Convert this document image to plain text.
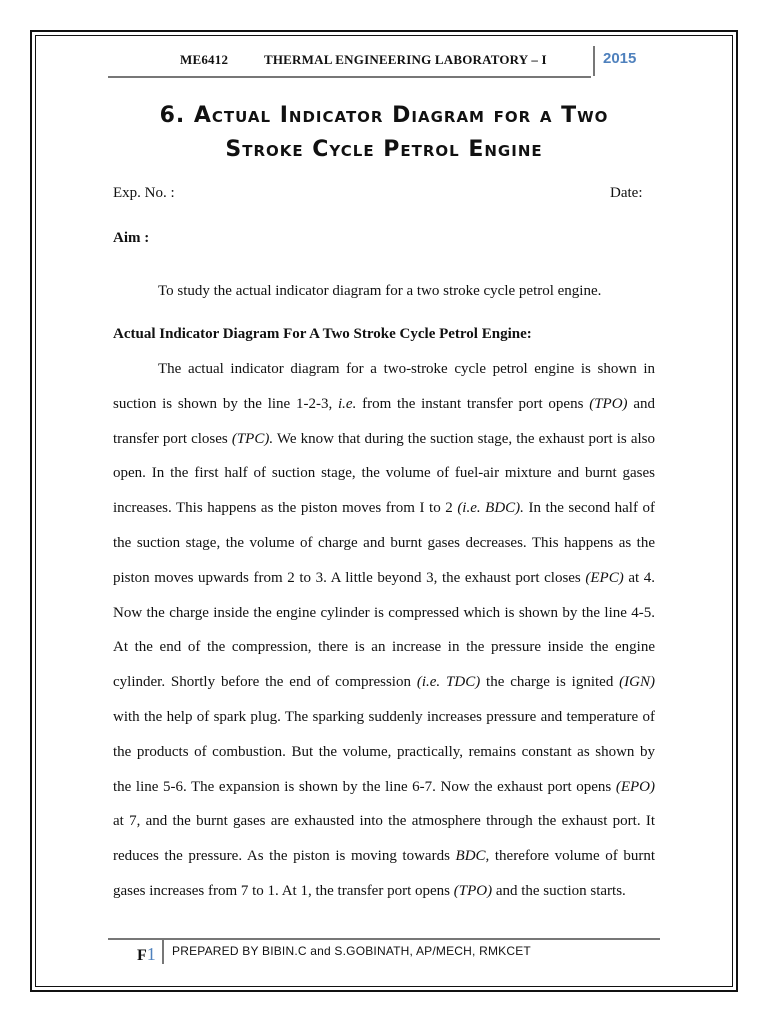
ME6412	THERMAL ENGINEERING LABORATORY – I	2015
6. Actual Indicator Diagram for a Two
Stroke Cycle Petrol Engine
Exp. No. :	Date:
Aim :
To study the actual indicator diagram for a two stroke cycle petrol engine.
Actual Indicator Diagram For A Two Stroke Cycle Petrol Engine:
The actual indicator diagram for a two-stroke cycle petrol engine is shown in
suction is shown by the line 1-2-3, i.e. from the instant transfer port opens (TPO) and
transfer port closes (TPC). We know that during the suction stage, the exhaust port is also
open. In the first half of suction stage, the volume of fuel-air mixture and burnt gases
increases. This happens as the piston moves from I to 2 (i.e. BDC). In the second half of
the suction stage, the volume of charge and burnt gases decreases. This happens as the
piston moves upwards from 2 to 3. A little beyond 3, the exhaust port closes (EPC) at 4.
Now the charge inside the engine cylinder is compressed which is shown by the line 4-5.
At the end of the compression, there is an increase in the pressure inside the engine
cylinder. Shortly before the end of compression (i.e. TDC) the charge is ignited (IGN)
with the help of spark plug. The sparking suddenly increases pressure and temperature of
the products of combustion. But the volume, practically, remains constant as shown by
the line 5-6. The expansion is shown by the line 6-7. Now the exhaust port opens (EPO)
at 7, and the burnt gases are exhausted into the atmosphere through the exhaust port. It
reduces the pressure. As the piston is moving towards BDC, therefore volume of burnt
gases increases from 7 to 1. At 1, the transfer port opens (TPO) and the suction starts.
F1 PREPARED BY BIBIN.C and S.GOBINATH, AP/MECH, RMKCET
